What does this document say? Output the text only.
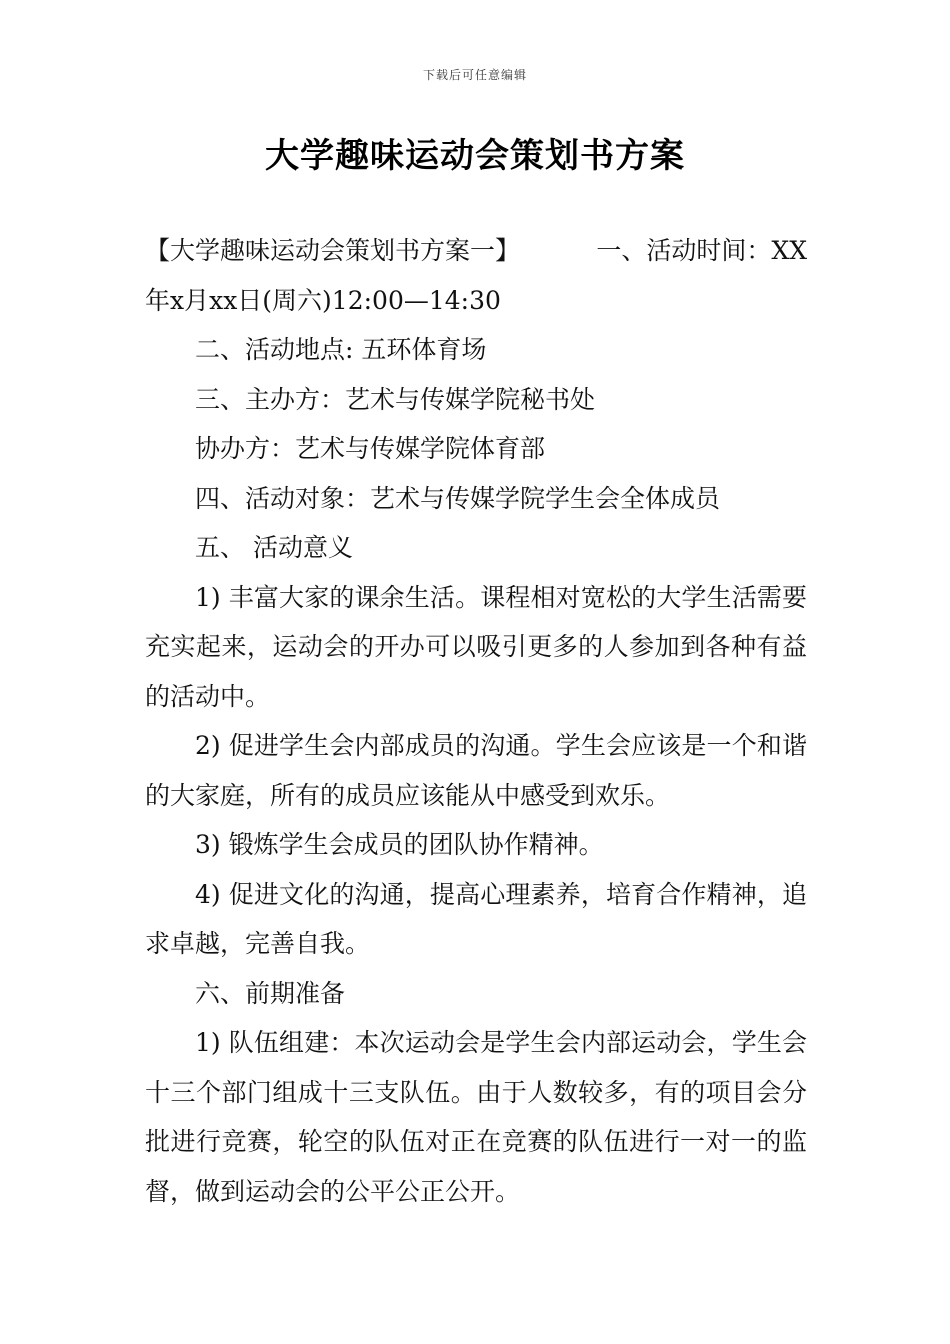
下载后可任意编辑
大学趣味运动会策划书方案
【大学趣味运动会策划书方案一】	一、活动时间：XX

年x月xx日(周六)12:00—14:30

二、活动地点: 五环体育场

三、主办方：艺术与传媒学院秘书处

协办方：艺术与传媒学院体育部

四、活动对象：艺术与传媒学院学生会全体成员

五、 活动意义

1) 丰富大家的课余生活。课程相对宽松的大学生活需要充实起来，运动会的开办可以吸引更多的人参加到各种有益的活动中。

2) 促进学生会内部成员的沟通。学生会应该是一个和谐的大家庭，所有的成员应该能从中感受到欢乐。

3) 锻炼学生会成员的团队协作精神。

4) 促进文化的沟通，提高心理素养，培育合作精神，追求卓越，完善自我。

六、前期准备

1) 队伍组建：本次运动会是学生会内部运动会，学生会十三个部门组成十三支队伍。由于人数较多，有的项目会分批进行竞赛，轮空的队伍对正在竞赛的队伍进行一对一的监督，做到运动会的公平公正公开。
